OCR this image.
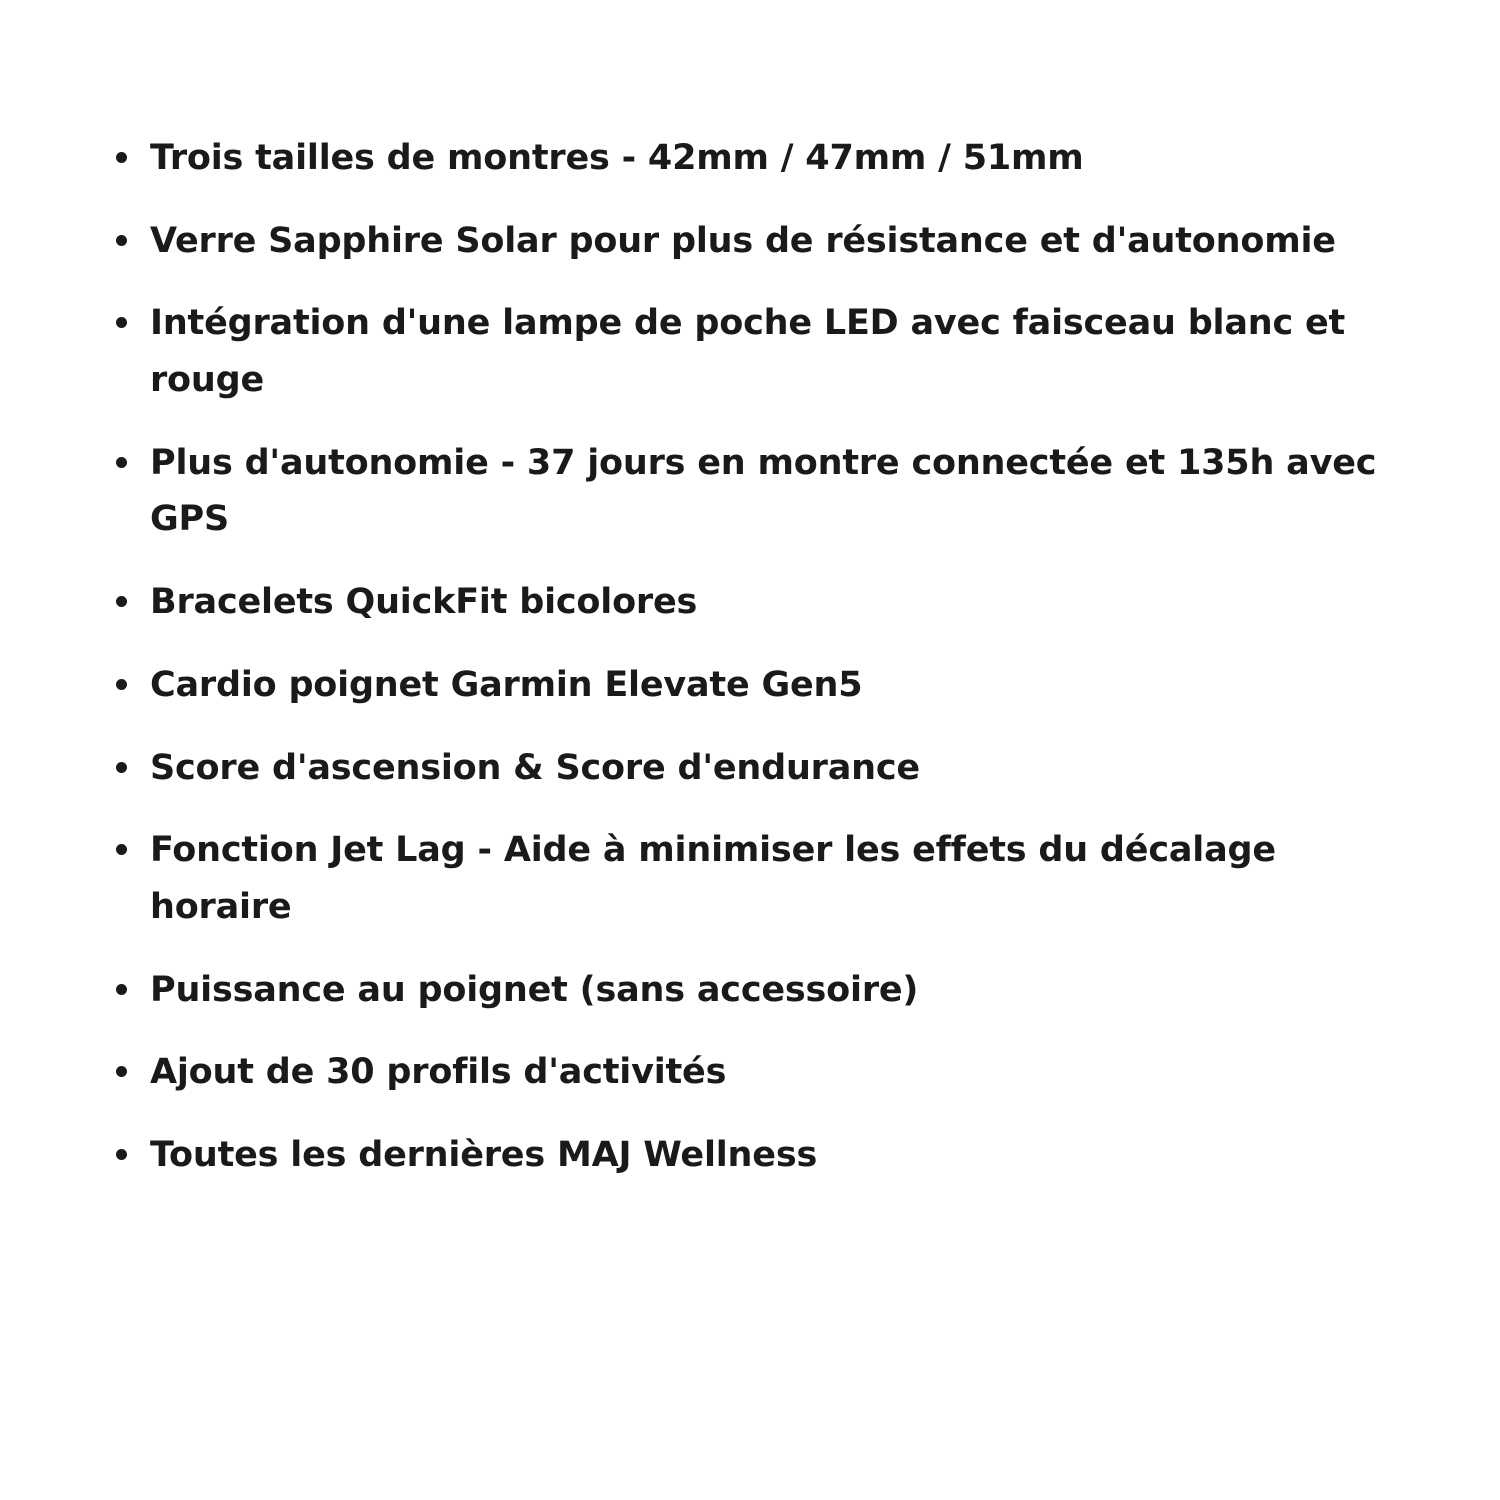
Trois tailles de montres - 42mm / 47mm / 51mm
Verre Sapphire Solar pour plus de résistance et d'autonomie
Intégration d'une lampe de poche LED avec faisceau blanc et rouge
Plus d'autonomie - 37 jours en montre connectée et 135h avec GPS
Bracelets QuickFit bicolores
Cardio poignet Garmin Elevate Gen5
Score d'ascension & Score d'endurance
Fonction Jet Lag - Aide à minimiser les effets du décalage horaire
Puissance au poignet (sans accessoire)
Ajout de 30 profils d'activités
Toutes les dernières MAJ Wellness
